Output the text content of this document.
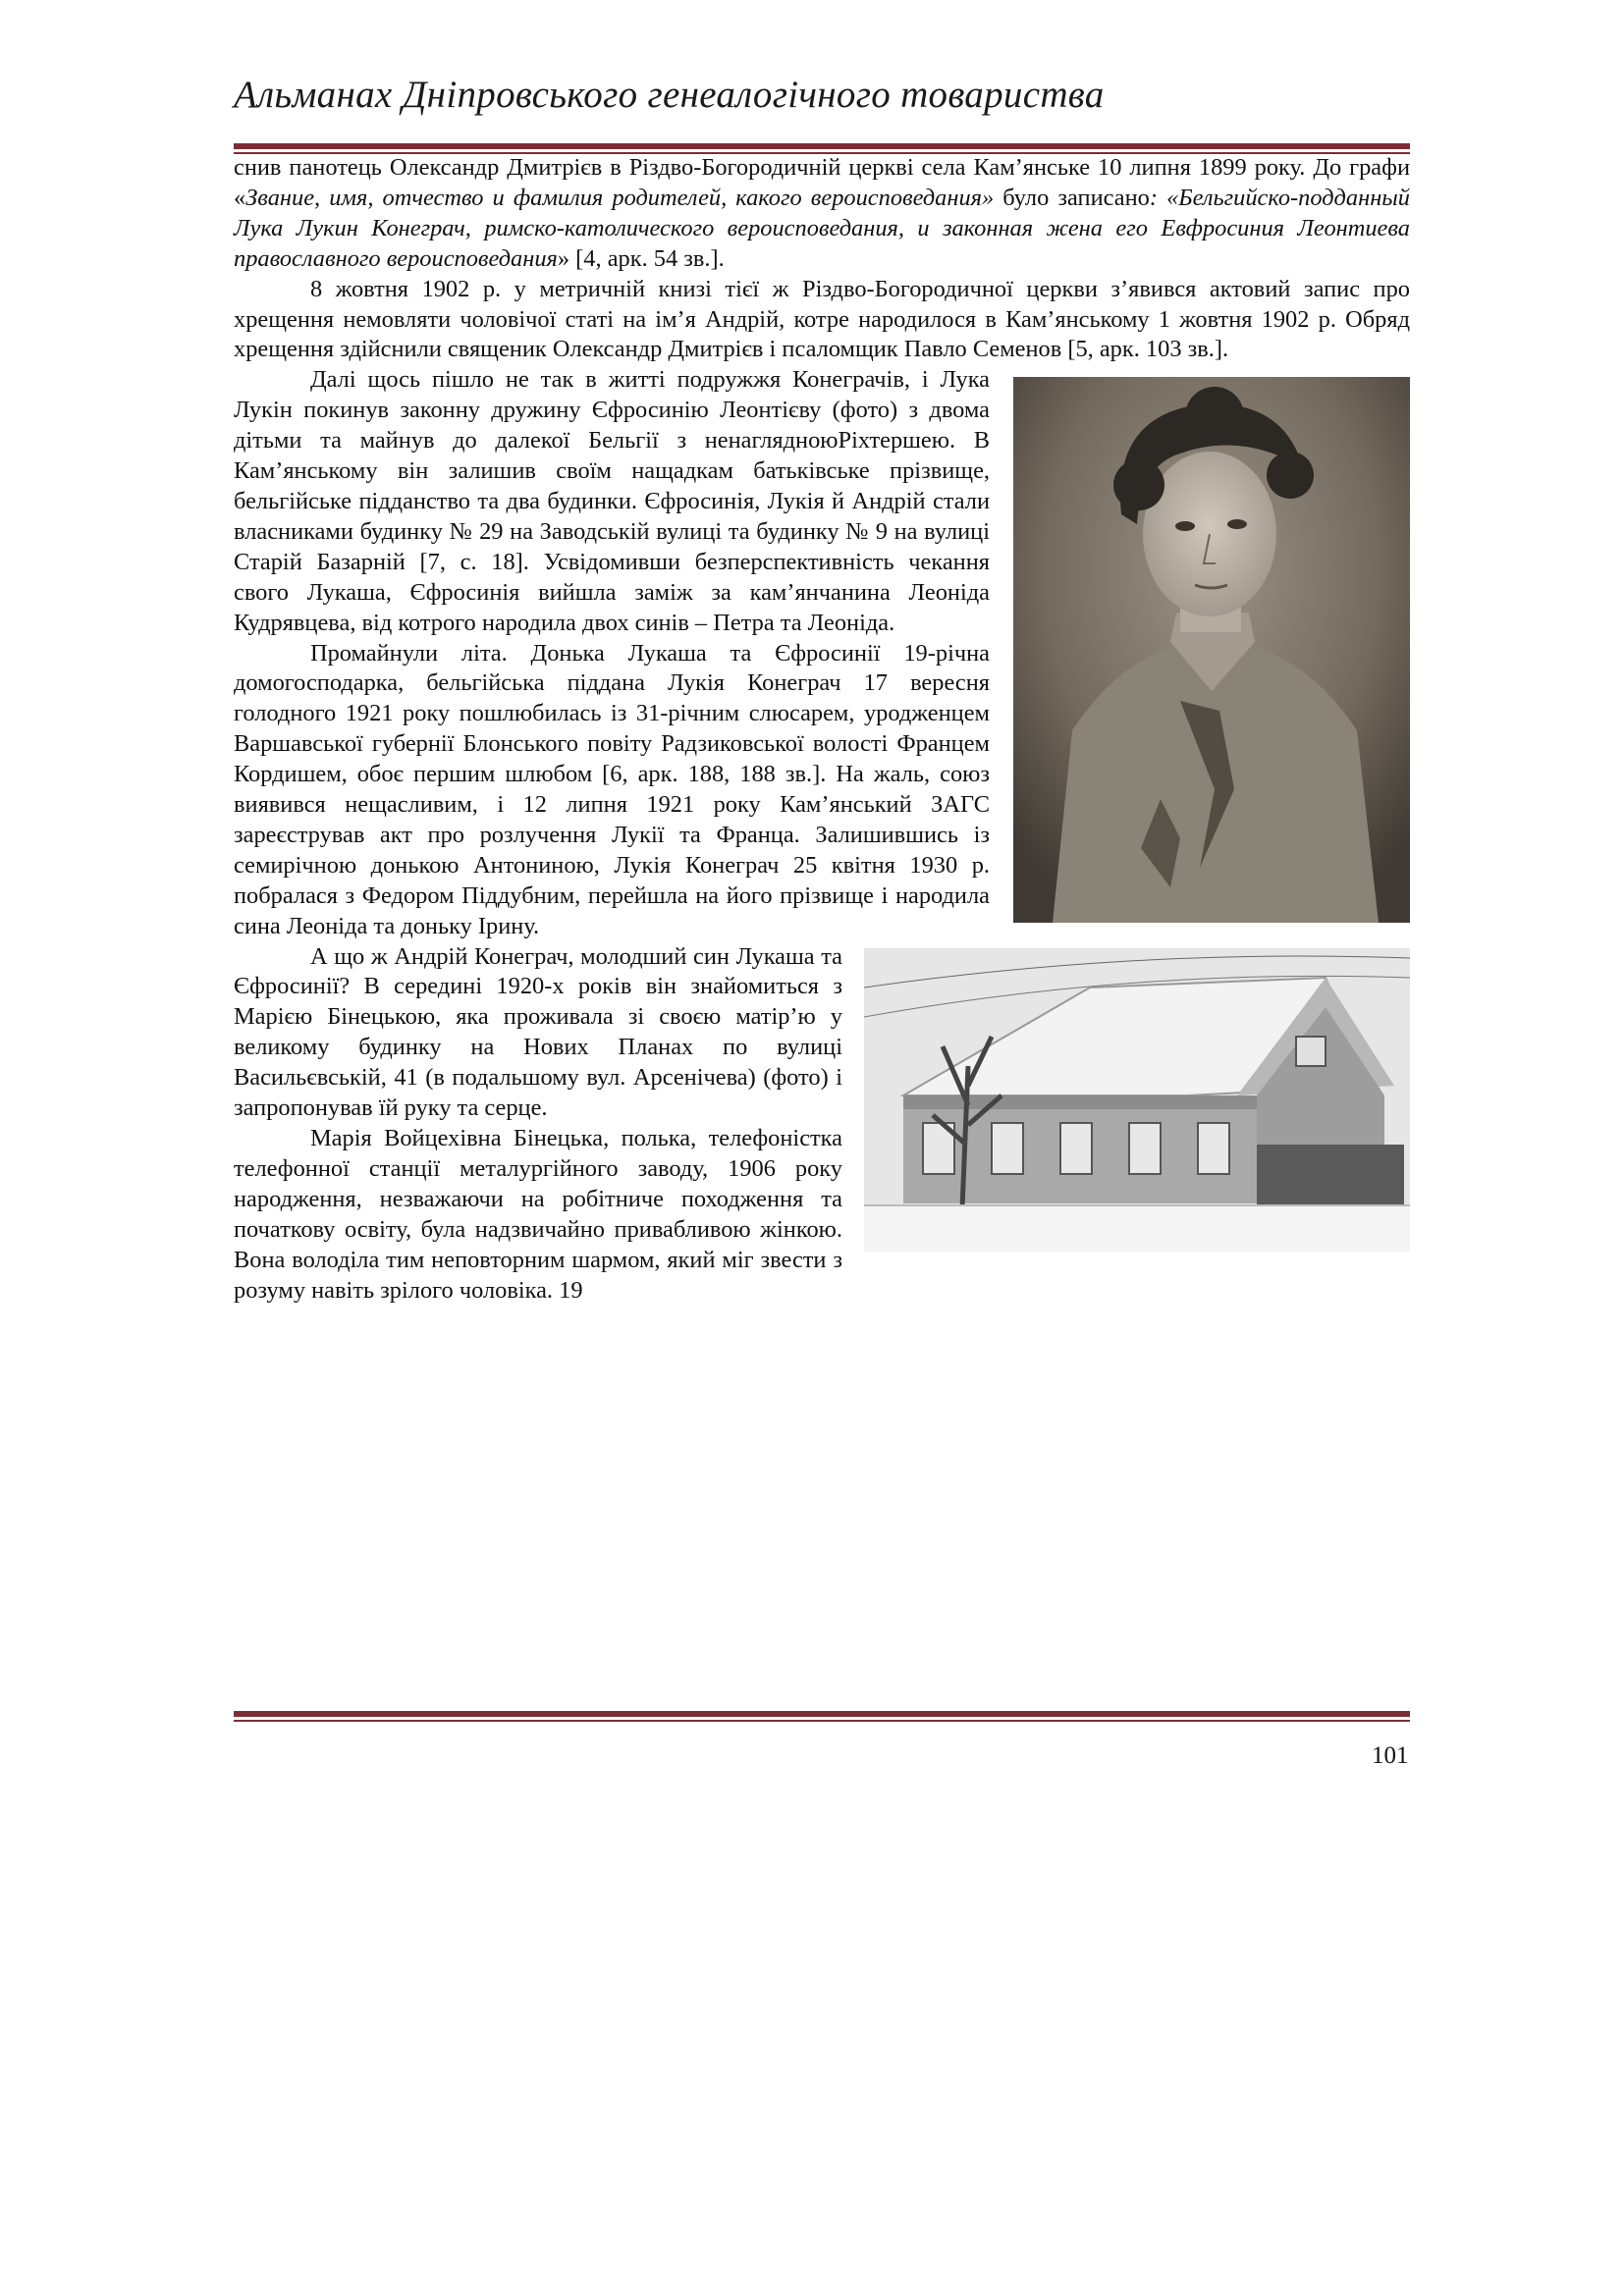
Альманах Дніпровського генеалогічного товариства

снив панотець Олександр Дмитрієв в Різдво-Богородичній церкві села Кам’янське 10 липня 1899 року. До графи «Звание, имя, отчество и фамилия родителей, какого вероисповедания» було записано: «Бельгийско-подданный Лука Лукин Конеграч, римско-католического вероисповедания, и законная жена его Евфросиния Леонтиева православного вероисповедания» [4, арк. 54 зв.].

8 жовтня 1902 р. у метричній книзі тієї ж Різдво-Богородичної церкви з’явився актовий запис про хрещення немовляти чоловічої статі на ім’я Андрій, котре народилося в Кам’янському 1 жовтня 1902 р. Обряд хрещення здійснили священик Олександр Дмитрієв і псаломщик Павло Семенов [5, арк. 103 зв.].

Далі щось пішло не так в житті подружжя Конеграчів, і Лука Лукін покинув законну дружину Єфросинію Леонтієву (фото) з двома дітьми та майнув до далекої Бельгії з ненаглядноюРіхтершею. В Кам’янському він залишив своїм нащадкам батьківське прізвище, бельгійське підданство та два будинки. Єфросинія, Лукія й Андрій стали власниками будинку № 29 на Заводській вулиці та будинку № 9 на вулиці Старій Базарній [7, с. 18]. Усвідомивши безперспективність чекання свого Лукаша, Єфросинія вийшла заміж за кам’янчанина Леоніда Кудрявцева, від котрого народила двох синів – Петра та Леоніда.

Промайнули літа. Донька Лукаша та Єфросинії 19-річна домогосподарка, бельгійська піддана Лукія Конеграч 17 вересня голодного 1921 року пошлюбилась із 31-річним слюсарем, уродженцем Варшавської губернії Блонського повіту Радзиковської волості Францем Кордишем, обоє першим шлюбом [6, арк. 188, 188 зв.]. На жаль, союз виявився нещасливим, і 12 липня 1921 року Кам’янський ЗАГС зареєстрував акт про розлучення Лукії та Франца. Залишившись із семирічною донькою Антониною, Лукія Конеграч 25 квітня 1930 р. побралася з Федором Піддубним, перейшла на його прізвище і народила сина Леоніда та доньку Ірину.

А що ж Андрій Конеграч, молодший син Лукаша та Єфросинії? В середині 1920-х років він знайомиться з Марією Бінецькою, яка проживала зі своєю матір’ю у великому будинку на Нових Планах по вулиці Васильєвській, 41 (в подальшому вул. Арсенічева) (фото) і запропонував їй руку та серце.

Марія Войцехівна Бінецька, полька, телефоністка телефонної станції металургійного заводу, 1906 року народження, незважаючи на робітниче походження та початкову освіту, була надзвичайно привабливою жінкою. Вона володіла тим неповторним шармом, який міг звести з розуму навіть зрілого чоловіка. 19

101
